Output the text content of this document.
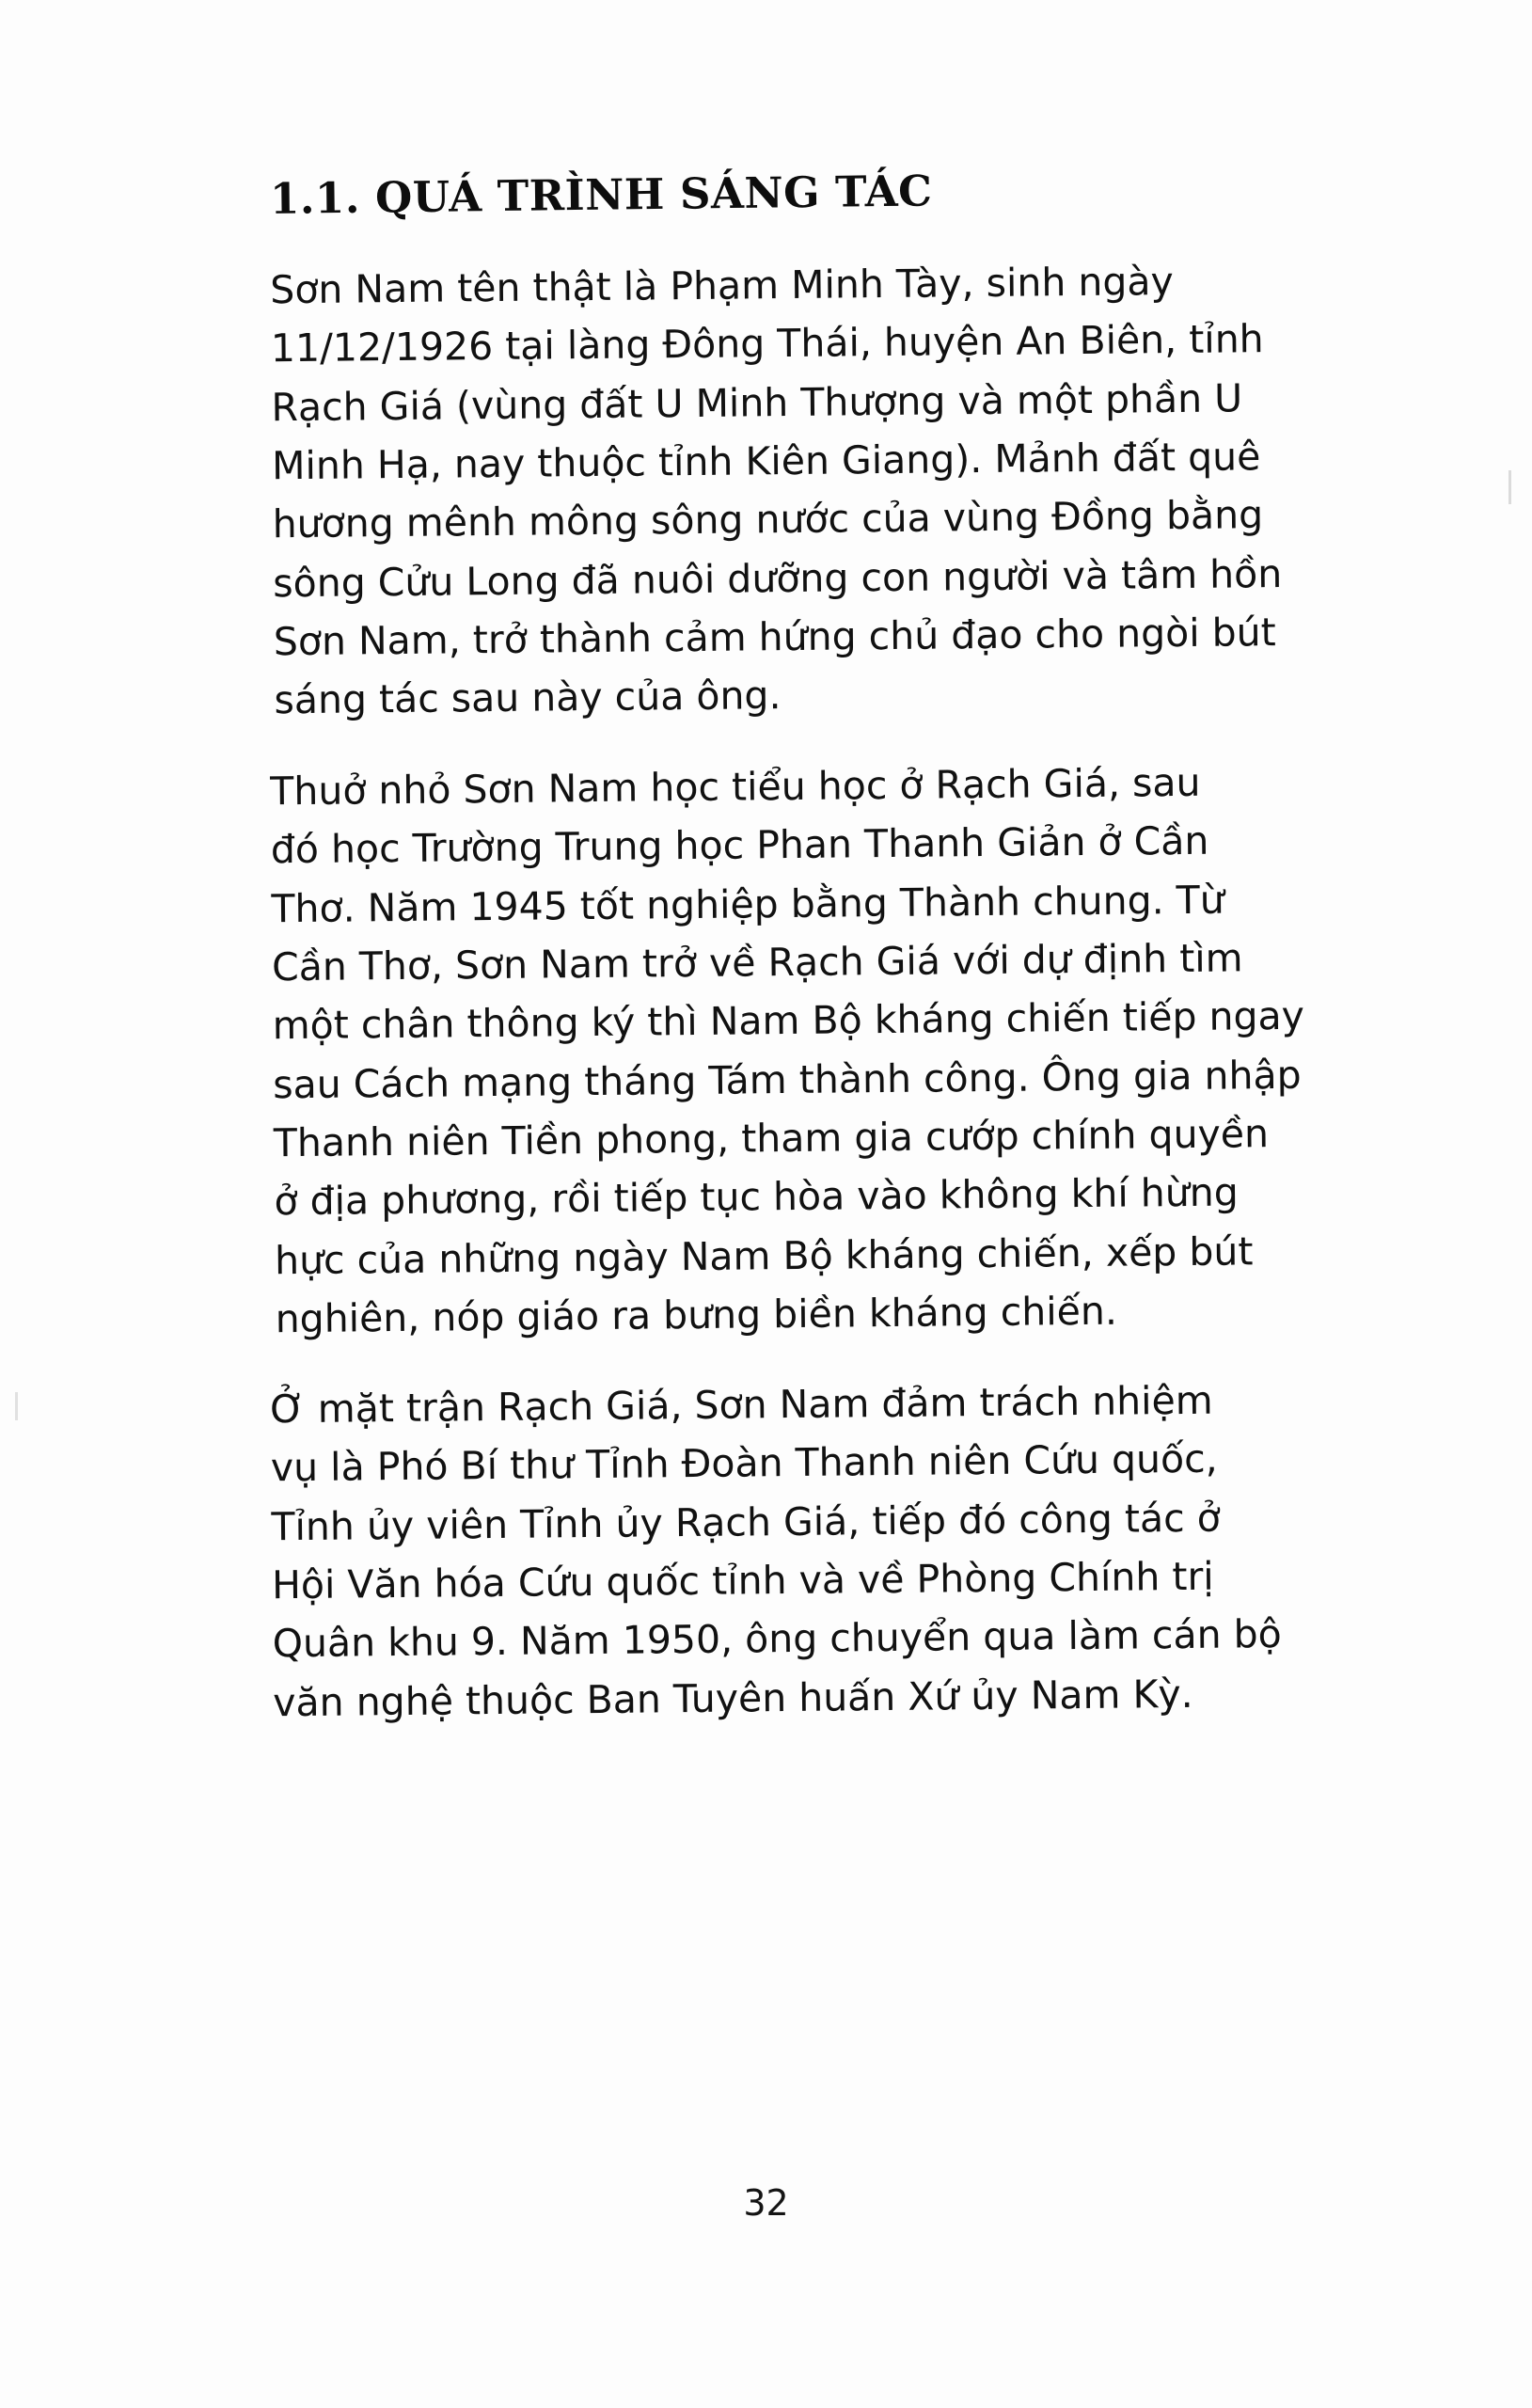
1.1. QUÁ TRÌNH SÁNG TÁC

Sơn Nam tên thật là Phạm Minh Tày, sinh ngày
11/12/1926 tại làng Đông Thái, huyện An Biên, tỉnh
Rạch Giá (vùng đất U Minh Thượng và một phần U
Minh Hạ, nay thuộc tỉnh Kiên Giang). Mảnh đất quê
hương mênh mông sông nước của vùng Đồng bằng
sông Cửu Long đã nuôi dưỡng con người và tâm hồn
Sơn Nam, trở thành cảm hứng chủ đạo cho ngòi bút
sáng tác sau này của ông.

Thuở nhỏ Sơn Nam học tiểu học ở Rạch Giá, sau
đó học Trường Trung học Phan Thanh Giản ở Cần
Thơ. Năm 1945 tốt nghiệp bằng Thành chung. Từ
Cần Thơ, Sơn Nam trở về Rạch Giá với dự định tìm
một chân thông ký thì Nam Bộ kháng chiến tiếp ngay
sau Cách mạng tháng Tám thành công. Ông gia nhập
Thanh niên Tiền phong, tham gia cướp chính quyền
ở địa phương, rồi tiếp tục hòa vào không khí hừng
hực của những ngày Nam Bộ kháng chiến, xếp bút
nghiên, nóp giáo ra bưng biền kháng chiến.

Ở mặt trận Rạch Giá, Sơn Nam đảm trách nhiệm
vụ là Phó Bí thư Tỉnh Đoàn Thanh niên Cứu quốc,
Tỉnh ủy viên Tỉnh ủy Rạch Giá, tiếp đó công tác ở
Hội Văn hóa Cứu quốc tỉnh và về Phòng Chính trị
Quân khu 9. Năm 1950, ông chuyển qua làm cán bộ
văn nghệ thuộc Ban Tuyên huấn Xứ ủy Nam Kỳ.

32
